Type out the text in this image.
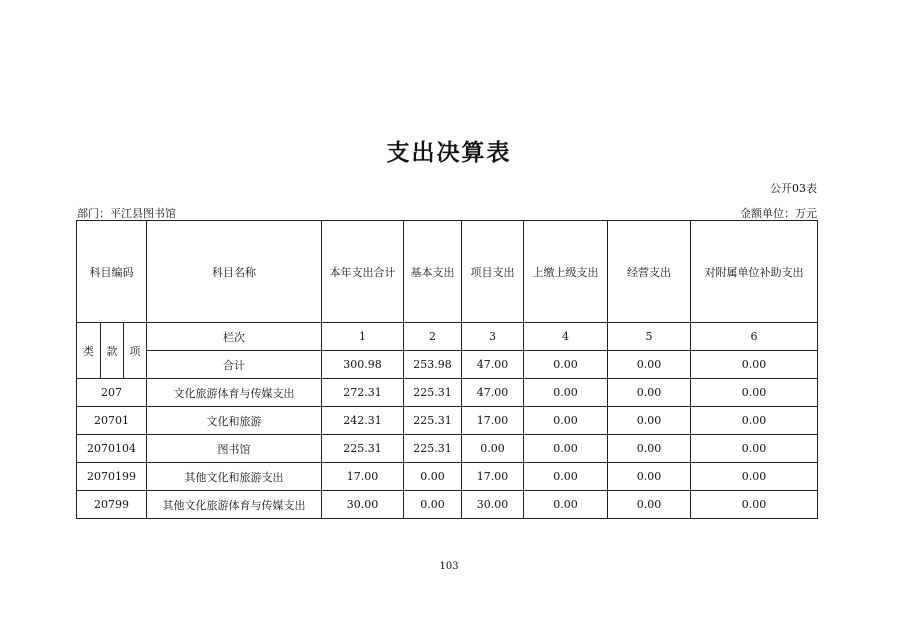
支出决算表
公开03表
部门：平江县图书馆	金额单位：万元
科目编码			科目名称	本年支出合计	基本支出	项目支出	上缴上级支出	经营支出	对附属单位补助支出
类	款	项	栏次	1	2	3	4	5	6
			合计	300.98	253.98	47.00	0.00	0.00	0.00
207			文化旅游体育与传媒支出	272.31	225.31	47.00	0.00	0.00	0.00
20701			文化和旅游	242.31	225.31	17.00	0.00	0.00	0.00
2070104			图书馆	225.31	225.31	0.00	0.00	0.00	0.00
2070199			其他文化和旅游支出	17.00	0.00	17.00	0.00	0.00	0.00
20799			其他文化旅游体育与传媒支出	30.00	0.00	30.00	0.00	0.00	0.00
103
